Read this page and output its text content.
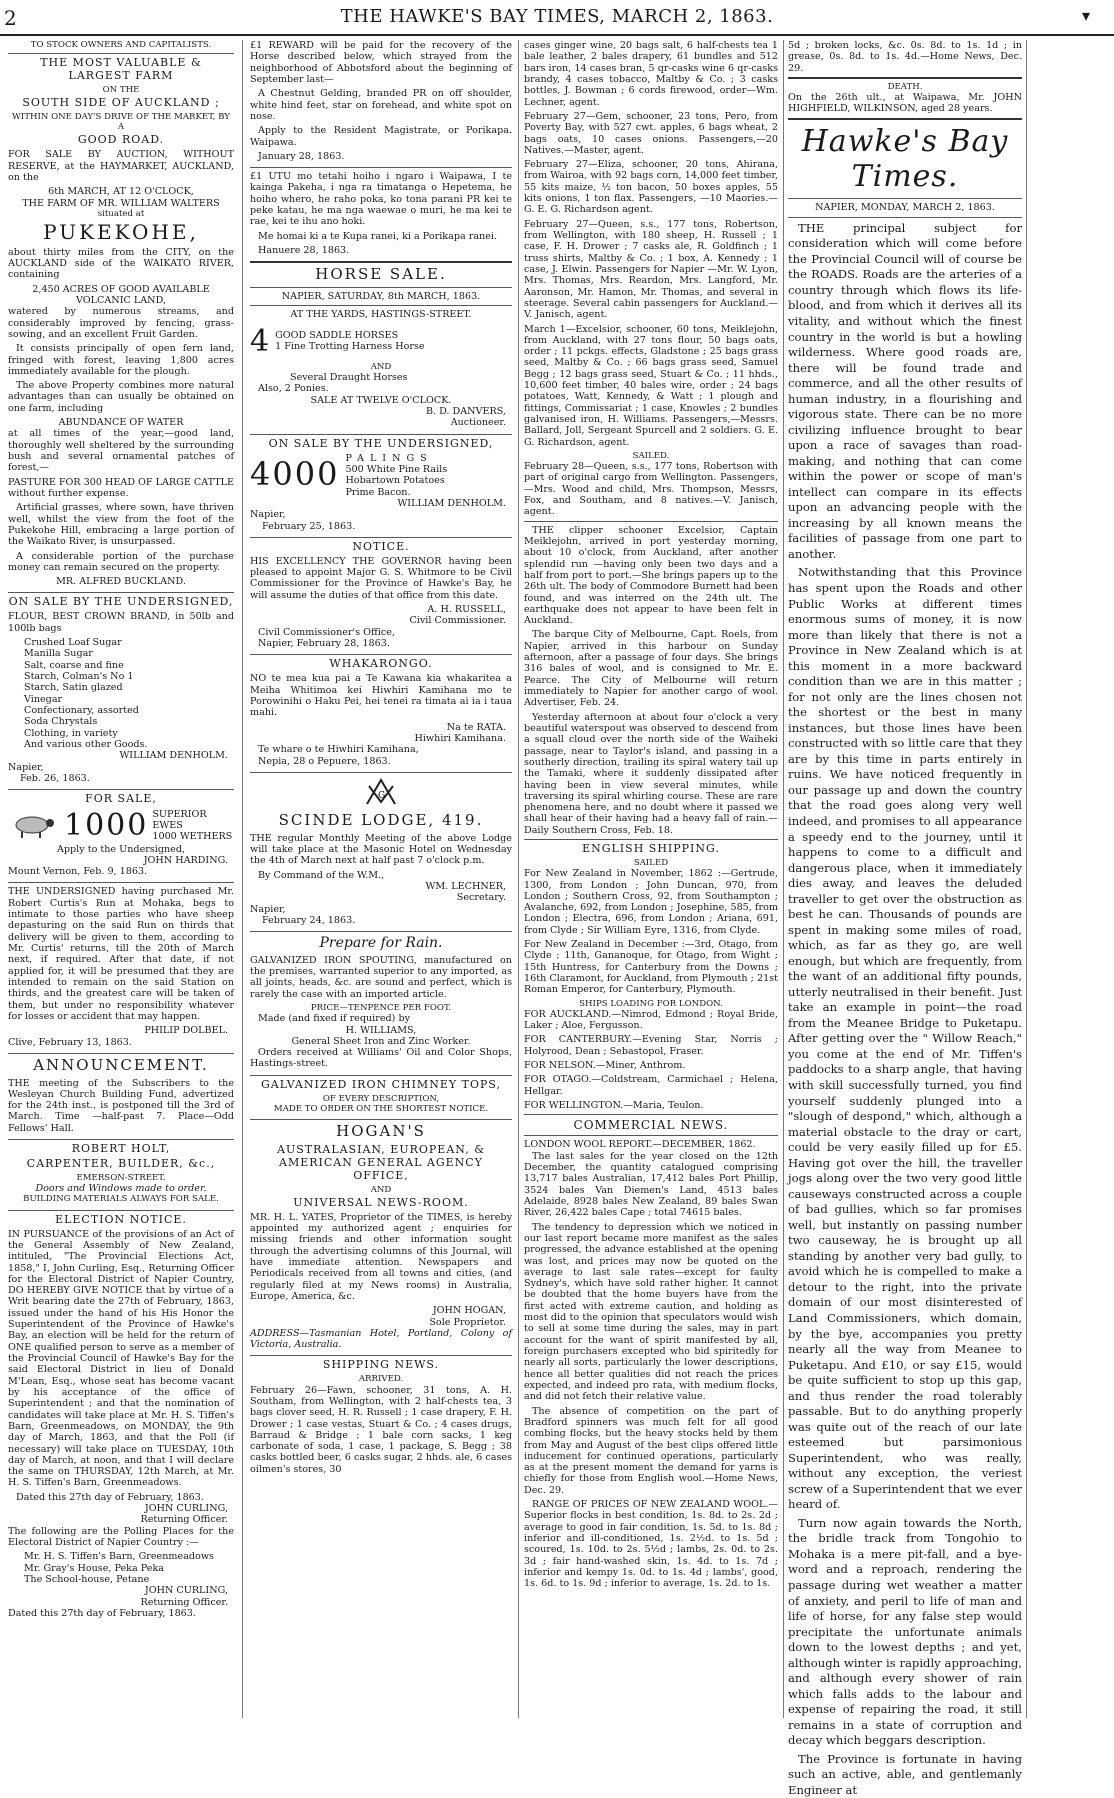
2	THE HAWKE'S BAY TIMES, MARCH 2, 1863.	▾
TO STOCK OWNERS AND CAPITALISTS.
THE MOST VALUABLE & LARGEST FARM
ON THE
SOUTH SIDE OF AUCKLAND ;
WITHIN ONE DAY'S DRIVE OF THE MARKET, BY A
GOOD ROAD.

FOR SALE BY AUCTION, WITHOUT RESERVE, at the HAYMARKET, AUCKLAND, on the

6th MARCH, AT 12 O'CLOCK,
THE FARM OF MR. WILLIAM WALTERS
situated at
PUKEKOHE,

about thirty miles from the CITY, on the AUCKLAND side of the WAIKATO RIVER, containing

2,450 ACRES OF GOOD AVAILABLE VOLCANIC LAND,

watered by numerous streams, and considerably improved by fencing, grass-sowing, and an excellent Fruit Garden.

It consists principally of open fern land, fringed with forest, leaving 1,800 acres immediately available for the plough.

The above Property combines more natural advantages than can usually be obtained on one farm, including

ABUNDANCE OF WATER

at all times of the year,—good land, thoroughly well sheltered by the surrounding bush and several ornamental patches of forest,—

PASTURE FOR 300 HEAD OF LARGE CATTLE

without further expense.

Artificial grasses, where sown, have thriven well, whilst the view from the foot of the Pukekohe Hill, embracing a large portion of the Waikato River, is unsurpassed.

A considerable portion of the purchase money can remain secured on the property.

MR. ALFRED BUCKLAND.
ON SALE BY THE UNDERSIGNED,

FLOUR, BEST CROWN BRAND, in 50lb and 100lb bags

Crushed Loaf Sugar
Manilla Sugar
Salt, coarse and fine
Starch, Colman's No 1
Starch, Satin glazed
Vinegar
Confectionary, assorted
Soda Chrystals
Clothing, in variety
And various other Goods.
WILLIAM DENHOLM.
Napier,
Feb. 26, 1863.
FOR SALE,
1000 SUPERIOR EWES
1000 WETHERS
Apply to the Undersigned,
JOHN HARDING.
Mount Vernon, Feb. 9, 1863.

THE UNDERSIGNED having purchased Mr. Robert Curtis's Run at Mohaka, begs to intimate to those parties who have sheep depasturing on the said Run on thirds that delivery will be given to them, according to Mr. Curtis' returns, till the 20th of March next, if required. After that date, if not applied for, it will be presumed that they are intended to remain on the said Station on thirds, and the greatest care will be taken of them, but under no responsibility whatever for losses or accident that may happen.

PHILIP DOLBEL.
Clive, February 13, 1863.
ANNOUNCEMENT.

THE meeting of the Subscribers to the Wesleyan Church Building Fund, advertized for the 24th inst., is postponed till the 3rd of March. Time —half-past 7. Place—Odd Fellows' Hall.

ROBERT HOLT,
CARPENTER, BUILDER, &c.,
EMERSON-STREET.
Doors and Windows made to order.
BUILDING MATERIALS ALWAYS FOR SALE.
ELECTION NOTICE.

IN PURSUANCE of the provisions of an Act of the General Assembly of New Zealand, intituled, "The Provincial Elections Act, 1858," I, John Curling, Esq., Returning Officer for the Electoral District of Napier Country, DO HEREBY GIVE NOTICE that by virtue of a Writ bearing date the 27th of February, 1863, issued under the hand of his His Honor the Superintendent of the Province of Hawke's Bay, an election will be held for the return of ONE qualified person to serve as a member of the Provincial Council of Hawke's Bay for the said Electoral District in lieu of Donald M'Lean, Esq., whose seat has become vacant by his acceptance of the office of Superintendent ; and that the nomination of candidates will take place at Mr. H. S. Tiffen's Barn, Greenmeadows, on MONDAY, the 9th day of March, 1863, and that the Poll (if necessary) will take place on TUESDAY, 10th day of March, at noon, and that I will declare the same on THURSDAY, 12th March, at Mr. H. S. Tiffen's Barn, Greenmeadows.

Dated this 27th day of February, 1863.
JOHN CURLING,
Returning Officer.

The following are the Polling Places for the Electoral District of Napier Country :—

Mr. H. S. Tiffen's Barn, Greenmeadows
Mr. Gray's House, Peka Peka
The School-house, Petane
JOHN CURLING,
Returning Officer.
Dated this 27th day of February, 1863.

£1 REWARD will be paid for the recovery of the Horse described below, which strayed from the neighborhood of Abbotsford about the beginning of September last—

A Chestnut Gelding, branded PR on off shoulder, white hind feet, star on forehead, and white spot on nose.

Apply to the Resident Magistrate, or Porikapa. Waipawa.

January 28, 1863.

£1 UTU mo tetahi hoiho i ngaro i Waipawa, I te kainga Pakeha, i nga ra timatanga o Hepetema, he hoiho whero, he raho poka, ko tona parani PR kei te peke katau, he ma nga waewae o muri, he ma kei te rae, kei te ihu ano hoki.

Me homai ki a te Kupa ranei, ki a Porikapa ranei.

Hanuere 28, 1863.
HORSE SALE.
NAPIER, SATURDAY, 8th MARCH, 1863.
AT THE YARDS, HASTINGS-STREET.
4 GOOD SADDLE HORSES
1 Fine Trotting Harness Horse
AND
Several Draught Horses
Also, 2 Ponies.
SALE AT TWELVE O'CLOCK.
B. D. DANVERS,
Auctioneer.
ON SALE BY THE UNDERSIGNED,
4000 PALINGS
500 White Pine Rails
Hobartown Potatoes
Prime Bacon.
WILLIAM DENHOLM.
Napier,
February 25, 1863.
NOTICE.

HIS EXCELLENCY THE GOVERNOR having been pleased to appoint Major G. S. Whitmore to be Civil Commissioner for the Province of Hawke's Bay, he will assume the duties of that office from this date.

A. H. RUSSELL,
Civil Commissioner.
Civil Commissioner's Office,
Napier, February 28, 1863.
WHAKARONGO.

NO te mea kua pai a Te Kawana kia whakaritea a Meiha Whitimoa kei Hiwhiri Kamihana mo te Porowinihi o Haku Pei, hei tenei ra timata ai ia i taua mahi.

Na te RATA.
Hiwhiri Kamihana.
Te whare o te Hiwhiri Kamihana,
Nepia, 28 o Pepuere, 1863.
G
SCINDE LODGE, 419.

THE regular Monthly Meeting of the above Lodge will take place at the Masonic Hotel on Wednesday the 4th of March next at half past 7 o'clock p.m.

By Command of the W.M.,
WM. LECHNER,
Secretary.
Napier,
February 24, 1863.
Prepare for Rain.

GALVANIZED IRON SPOUTING, manufactured on the premises, warranted superior to any imported, as all joints, heads, &c. are sound and perfect, which is rarely the case with an imported article.

PRICE—TENPENCE PER FOOT.
Made (and fixed if required) by
H. WILLIAMS,
General Sheet Iron and Zinc Worker.

Orders received at Williams' Oil and Color Shops, Hastings-street.

GALVANIZED IRON CHIMNEY TOPS,
OF EVERY DESCRIPTION,
MADE TO ORDER ON THE SHORTEST NOTICE.
HOGAN'S
AUSTRALASIAN, EUROPEAN, & AMERICAN GENERAL AGENCY OFFICE,
AND
UNIVERSAL NEWS-ROOM.

MR. H. L. YATES, Proprietor of the TIMES, is hereby appointed my authorized agent ; enquiries for missing friends and other information sought through the advertising columns of this Journal, will have immediate attention. Newspapers and Periodicals received from all towns and cities, (and regularly filed at my News rooms) in Australia, Europe, America, &c.

JOHN HOGAN,
Sole Proprietor.

ADDRESS—Tasmanian Hotel, Portland, Colony of Victoria, Australia.

SHIPPING NEWS.
ARRIVED.

February 26—Fawn, schooner, 31 tons, A. H. Southam, from Wellington, with 2 half-chests tea, 3 bags clover seed, H. R. Russell ; 1 case drapery, F. H. Drower ; 1 case vestas, Stuart & Co. ; 4 cases drugs, Barraud & Bridge ; 1 bale corn sacks, 1 keg carbonate of soda, 1 case, 1 package, S. Begg ; 38 casks bottled beer, 6 casks sugar, 2 hhds. ale, 6 cases oilmen's stores, 30

cases ginger wine, 20 bags salt, 6 half-chests tea 1 bale leather, 2 bales drapery, 61 bundles and 512 bars iron, 14 cases bran, 5 qr-casks wine 6 qr-casks brandy, 4 cases tobacco, Maltby & Co. ; 3 casks bottles, J. Bowman ; 6 cords firewood, order—Wm. Lechner, agent.

February 27—Gem, schooner, 23 tons, Pero, from Poverty Bay, with 527 cwt. apples, 6 bags wheat, 2 bags oats, 10 cases onions. Passengers,—20 Natives.—Master, agent.

February 27—Eliza, schooner, 20 tons, Ahirana, from Wairoa, with 92 bags corn, 14,000 feet timber, 55 kits maize, ½ ton bacon, 50 boxes apples, 55 kits onions, 1 ton flax. Passengers, —10 Maories.—G. E. G. Richardson agent.

February 27—Queen, s.s., 177 tons, Robertson, from Wellington, with 180 sheep, H. Russell ; 1 case, F. H. Drower ; 7 casks ale, R. Goldfinch ; 1 truss shirts, Maltby & Co. ; 1 box, A. Kennedy ; 1 case, J. Elwin. Passengers for Napier —Mr. W. Lyon, Mrs. Thomas, Mrs. Reardon, Mrs. Langford, Mr. Aaronson, Mr. Hamon, Mr. Thomas, and several in steerage. Several cabin passengers for Auckland.—V. Janisch, agent.

March 1—Excelsior, schooner, 60 tons, Meiklejohn, from Auckland, with 27 tons flour, 50 bags oats, order ; 11 pckgs. effects, Gladstone ; 25 bags grass seed, Maltby & Co. ; 66 bags grass seed, Samuel Begg ; 12 bags grass seed, Stuart & Co. ; 11 hhds., 10,600 feet timber, 40 bales wire, order ; 24 bags potatoes, Watt, Kennedy, & Watt ; 1 plough and fittings, Commissariat ; 1 case, Knowles ; 2 bundles galvanised iron, H. Williams. Passengers,—Messrs. Ballard, Joll, Sergeant Spurcell and 2 soldiers. G. E. G. Richardson, agent.

SAILED.

February 28—Queen, s.s., 177 tons, Robertson with part of original cargo from Wellington. Passengers,—Mrs. Wood and child, Mrs. Thompson, Messrs, Fox, and Southam, and 8 natives.—V. Janisch, agent.

THE clipper schooner Excelsior, Captain Meiklejohn, arrived in port yesterday morning, about 10 o'clock, from Auckland, after another splendid run —having only been two days and a half from port to port.—She brings papers up to the 26th ult. The body of Commodore Burnett had been found, and was interred on the 24th ult. The earthquake does not appear to have been felt in Auckland.

The barque City of Melbourne, Capt. Roels, from Napier, arrived in this harbour on Sunday afternoon, after a passage of four days. She brings 316 bales of wool, and is consigned to Mr. E. Pearce. The City of Melbourne will return immediately to Napier for another cargo of wool. Advertiser, Feb. 24.

Yesterday afternoon at about four o'clock a very beautiful waterspout was observed to descend from a squall cloud over the north side of the Waiheki passage, near to Taylor's island, and passing in a southerly direction, trailing its spiral watery tail up the Tamaki, where it suddenly dissipated after having been in view several minutes, while traversing its spiral whirling course. These are rare phenomena here, and no doubt where it passed we shall hear of their having had a heavy fall of rain.—Daily Southern Cross, Feb. 18.

ENGLISH SHIPPING.
SAILED

For New Zealand in November, 1862 :—Gertrude, 1300, from London ; John Duncan, 970, from London ; Southern Cross, 92, from Southampton ; Avalanche, 692, from London ; Josephine, 585, from London ; Electra, 696, from London ; Ariana, 691, from Clyde ; Sir William Eyre, 1316, from Clyde.

For New Zealand in December :—3rd, Otago, from Clyde ; 11th, Gananoque, for Otago, from Wight ; 15th Huntress, for Canterbury from the Downs ; 16th Claramont, for Auckland, from Plymouth ; 21st Roman Emperor, for Canterbury, Plymouth.

SHIPS LOADING FOR LONDON.

FOR AUCKLAND.—Nimrod, Edmond ; Royal Bride, Laker ; Aloe, Fergusson.

FOR CANTERBURY.—Evening Star, Norris ; Holyrood, Dean ; Sebastopol, Fraser.

FOR NELSON.—Miner, Anthrom.

FOR OTAGO.—Coldstream, Carmichael ; Helena, Hellgar.

FOR WELLINGTON.—Maria, Teulon.

COMMERCIAL NEWS.
LONDON WOOL REPORT.—DECEMBER, 1862.

The last sales for the year closed on the 12th December, the quantity catalogued comprising 13,717 bales Australian, 17,412 bales Port Phillip, 3524 bales Van Diemen's Land, 4513 bales Adelaide, 8928 bales New Zealand, 89 bales Swan River, 26,422 bales Cape ; total 74615 bales.

The tendency to depression which we noticed in our last report became more manifest as the sales progressed, the advance established at the opening was lost, and prices may now be quoted on the average to last sale rates—except for faulty Sydney's, which have sold rather higher. It cannot be doubted that the home buyers have from the first acted with extreme caution, and holding as most did to the opinion that speculators would wish to sell at some time during the sales, may in part account for the want of spirit manifested by all, foreign purchasers excepted who bid spiritedly for nearly all sorts, particularly the lower descriptions, hence all better qualities did not reach the prices expected, and indeed pro rata, with medium flocks, and did not fetch their relative value.

The absence of competition on the part of Bradford spinners was much felt for all good combing flocks, but the heavy stocks held by them from May and August of the best clips offered little inducement for continued operations, particularly as at the present moment the demand for yarns is chiefly for those from English wool.—Home News, Dec. 29.

RANGE OF PRICES OF NEW ZEALAND WOOL.—Superior flocks in best condition, 1s. 8d. to 2s. 2d ; average to good in fair condition, 1s. 5d. to 1s. 8d ; inferior and ill-conditioned, 1s. 2½d. to 1s. 5d ; scoured, 1s. 10d. to 2s. 5½d ; lambs, 2s. 0d. to 2s. 3d ; fair hand-washed skin, 1s. 4d. to 1s. 7d ; inferior and kempy 1s. 0d. to 1s. 4d ; lambs', good, 1s. 6d. to 1s. 9d ; inferior to average, 1s. 2d. to 1s.

5d ; broken locks, &c. 0s. 8d. to 1s. 1d ; in grease, 0s. 8d. to 1s. 4d.—Home News, Dec. 29.

DEATH.

On the 26th ult., at Waipawa, Mr. JOHN HIGHFIELD, WILKINSON, aged 28 years.

Hawke's Bay Times.
NAPIER, MONDAY, MARCH 2, 1863.

THE principal subject for consideration which will come before the Provincial Council will of course be the ROADS. Roads are the arteries of a country through which flows its life-blood, and from which it derives all its vitality, and without which the finest country in the world is but a howling wilderness. Where good roads are, there will be found trade and commerce, and all the other results of human industry, in a flourishing and vigorous state. There can be no more civilizing influence brought to bear upon a race of savages than road-making, and nothing that can come within the power or scope of man's intellect can compare in its effects upon an advancing people with the increasing by all known means the facilities of passage from one part to another.

Notwithstanding that this Province has spent upon the Roads and other Public Works at different times enormous sums of money, it is now more than likely that there is not a Province in New Zealand which is at this moment in a more backward condition than we are in this matter ; for not only are the lines chosen not the shortest or the best in many instances, but those lines have been constructed with so little care that they are by this time in parts entirely in ruins. We have noticed frequently in our passage up and down the country that the road goes along very well indeed, and promises to all appearance a speedy end to the journey, until it happens to come to a difficult and dangerous place, when it immediately dies away, and leaves the deluded traveller to get over the obstruction as best he can. Thousands of pounds are spent in making some miles of road, which, as far as they go, are well enough, but which are frequently, from the want of an additional fifty pounds, utterly neutralised in their benefit. Just take an example in point—the road from the Meanee Bridge to Puketapu. After getting over the " Willow Reach," you come at the end of Mr. Tiffen's paddocks to a sharp angle, that having with skill successfully turned, you find yourself suddenly plunged into a "slough of despond," which, although a material obstacle to the dray or cart, could be very easily filled up for £5. Having got over the hill, the traveller jogs along over the two very good little causeways constructed across a couple of bad gullies, which so far promises well, but instantly on passing number two causeway, he is brought up all standing by another very bad gully, to avoid which he is compelled to make a detour to the right, into the private domain of our most disinterested of Land Commissioners, which domain, by the bye, accompanies you pretty nearly all the way from Meanee to Puketapu. And £10, or say £15, would be quite sufficient to stop up this gap, and thus render the road tolerably passable. But to do anything properly was quite out of the reach of our late esteemed but parsimonious Superintendent, who was really, without any exception, the veriest screw of a Superintendent that we ever heard of.

Turn now again towards the North, the bridle track from Tongohio to Mohaka is a mere pit-fall, and a bye-word and a reproach, rendering the passage during wet weather a matter of anxiety, and peril to life of man and life of horse, for any false step would precipitate the unfortunate animals down to the lowest depths ; and yet, although winter is rapidly approaching, and although every shower of rain which falls adds to the labour and expense of repairing the road, it still remains in a state of corruption and decay which beggars description.

The Province is fortunate in having such an active, able, and gentlemanly Engineer at
